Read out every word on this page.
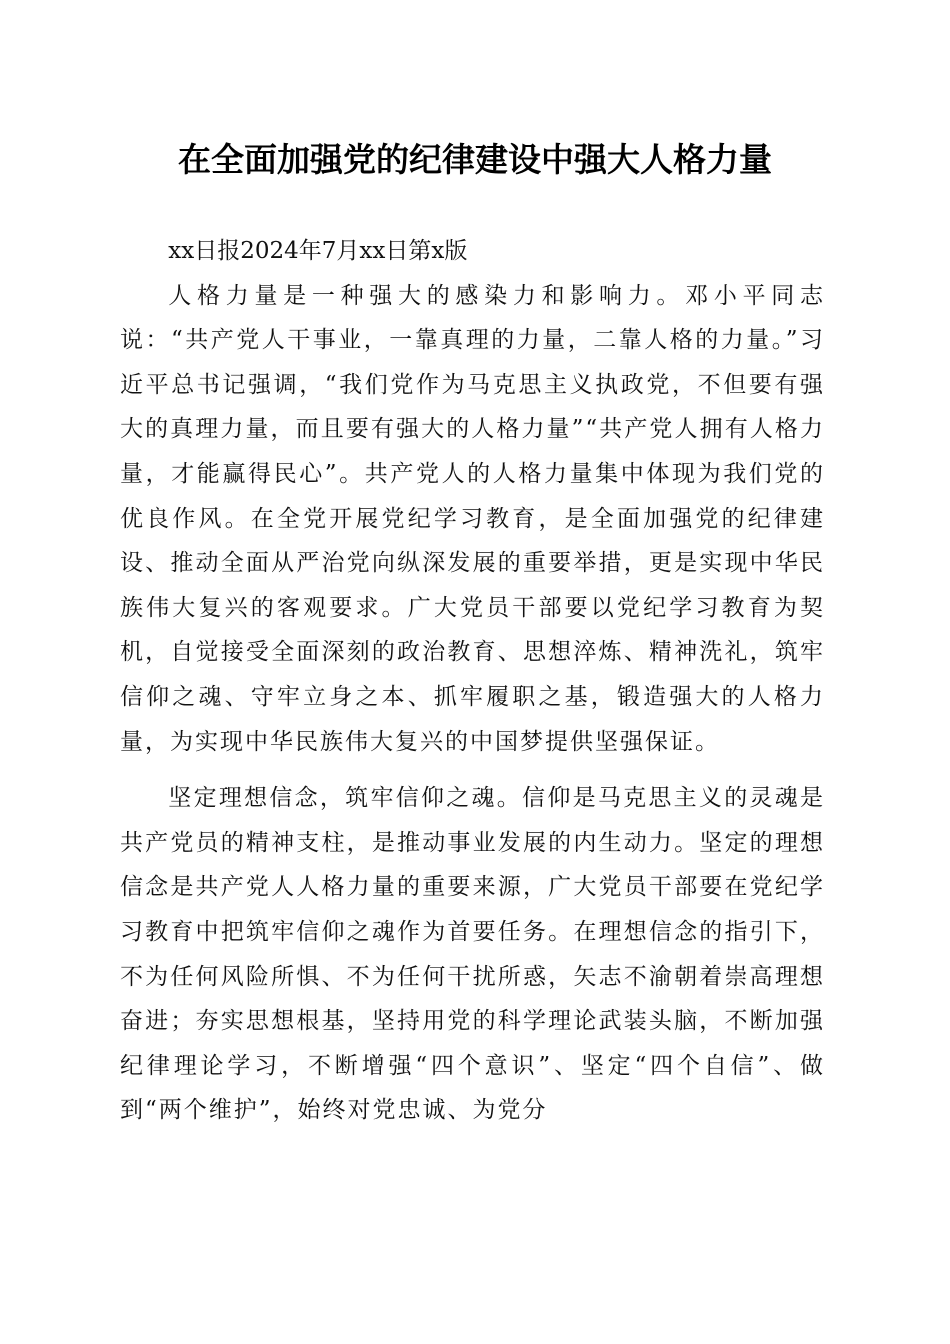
在全面加强党的纪律建设中强大人格力量

xx日报2024年7月xx日第x版

人格力量是一种强大的感染力和影响力。邓小平同志说：“共产党人干事业，一靠真理的力量，二靠人格的力量。”习近平总书记强调，“我们党作为马克思主义执政党，不但要有强大的真理力量，而且要有强大的人格力量”“共产党人拥有人格力量，才能赢得民心”。共产党人的人格力量集中体现为我们党的优良作风。在全党开展党纪学习教育，是全面加强党的纪律建设、推动全面从严治党向纵深发展的重要举措，更是实现中华民族伟大复兴的客观要求。广大党员干部要以党纪学习教育为契机，自觉接受全面深刻的政治教育、思想淬炼、精神洗礼，筑牢信仰之魂、守牢立身之本、抓牢履职之基，锻造强大的人格力量，为实现中华民族伟大复兴的中国梦提供坚强保证。

坚定理想信念，筑牢信仰之魂。信仰是马克思主义的灵魂是共产党员的精神支柱，是推动事业发展的内生动力。坚定的理想信念是共产党人人格力量的重要来源，广大党员干部要在党纪学习教育中把筑牢信仰之魂作为首要任务。在理想信念的指引下，不为任何风险所惧、不为任何干扰所惑，矢志不渝朝着崇高理想奋进；夯实思想根基，坚持用党的科学理论武装头脑，不断加强纪律理论学习，不断增强“四个意识”、坚定“四个自信”、做到“两个维护”，始终对党忠诚、为党分
